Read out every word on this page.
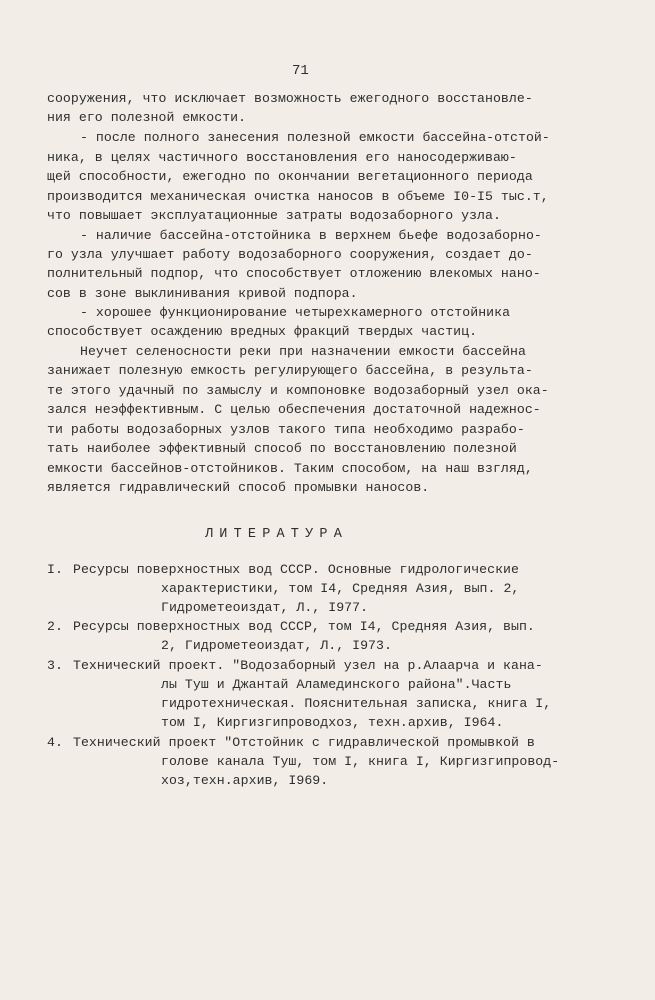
71
сооружения, что исключает возможность ежегодного восстановле-
ния его полезной емкости.
- после полного занесения полезной емкости бассейна-отстой-
ника, в целях частичного восстановления его наносодерживаю-
щей способности, ежегодно по окончании вегетационного периода
производится механическая очистка наносов в объеме I0-I5 тыс.т,
что повышает эксплуатационные затраты водозаборного узла.
- наличие бассейна-отстойника в верхнем бьефе водозаборно-
го узла улучшает работу водозаборного сооружения, создает до-
полнительный подпор, что способствует отложению влекомых нано-
сов в зоне выклинивания кривой подпора.
- хорошее функционирование четырехкамерного отстойника
способствует осаждению вредных фракций твердых частиц.
Неучет селеносности реки при назначении емкости бассейна
занижает полезную емкость регулирующего бассейна, в результа-
те этого удачный по замыслу и компоновке водозаборный узел ока-
зался неэффективным. С целью обеспечения достаточной надежнос-
ти работы водозаборных узлов такого типа необходимо разрабо-
тать наиболее эффективный способ по восстановлению полезной
емкости бассейнов-отстойников. Таким способом, на наш взгляд,
является гидравлический способ промывки наносов.
ЛИТЕРАТУРА
I. Ресурсы поверхностных вод СССР. Основные гидрологические
характеристики, том I4, Средняя Азия, вып. 2,
Гидрометеоиздат, Л., I977.
2. Ресурсы поверхностных вод СССР, том I4, Средняя Азия, вып.
2, Гидрометеоиздат, Л., I973.
3. Технический проект. "Водозаборный узел на р.Алаарча и кана-
лы Туш и Джантай Аламединского района".Часть
гидротехническая. Пояснительная записка, книга I,
том I, Киргизгипроводхоз, техн.архив, I964.
4. Технический проект "Отстойник с гидравлической промывкой в
голове канала Туш, том I, книга I, Киргизгипровод-
хоз,техн.архив, I969.
